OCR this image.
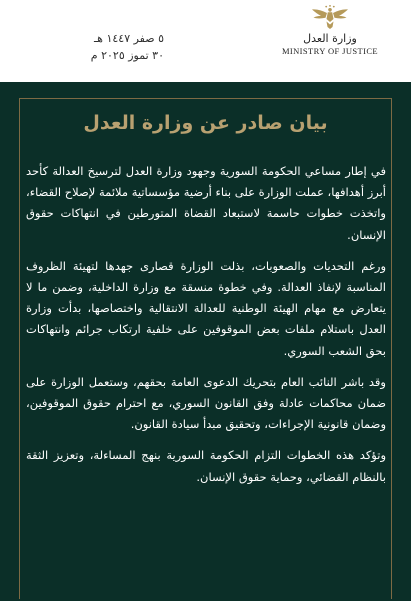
٥ صفر ١٤٤٧ هـ
٣٠ تموز ٢٠٢٥ م
وزارة العدل
MINISTRY OF JUSTICE
بيان صادر عن وزارة العدل

في إطار مساعي الحكومة السورية وجهود وزارة العدل لترسيخ العدالة كأحد أبرز أهدافها، عملت الوزارة على بناء أرضية مؤسساتية ملائمة لإصلاح القضاء، واتخذت خطوات حاسمة لاستبعاد القضاة المتورطين في انتهاكات حقوق الإنسان.

ورغم التحديات والصعوبات، بذلت الوزارة قصارى جهدها لتهيئة الظروف المناسبة لإنفاذ العدالة. وفي خطوة منسقة مع وزارة الداخلية، وضمن ما لا يتعارض مع مهام الهيئة الوطنية للعدالة الانتقالية واختصاصها، بدأت وزارة العدل باستلام ملفات بعض الموقوفين على خلفية ارتكاب جرائم وانتهاكات بحق الشعب السوري.

وقد باشر النائب العام بتحريك الدعوى العامة بحقهم، وستعمل الوزارة على ضمان محاكمات عادلة وفق القانون السوري، مع احترام حقوق الموقوفين، وضمان قانونية الإجراءات، وتحقيق مبدأ سيادة القانون.

وتؤكد هذه الخطوات التزام الحكومة السورية بنهج المساءلة، وتعزيز الثقة بالنظام القضائي، وحماية حقوق الإنسان.
